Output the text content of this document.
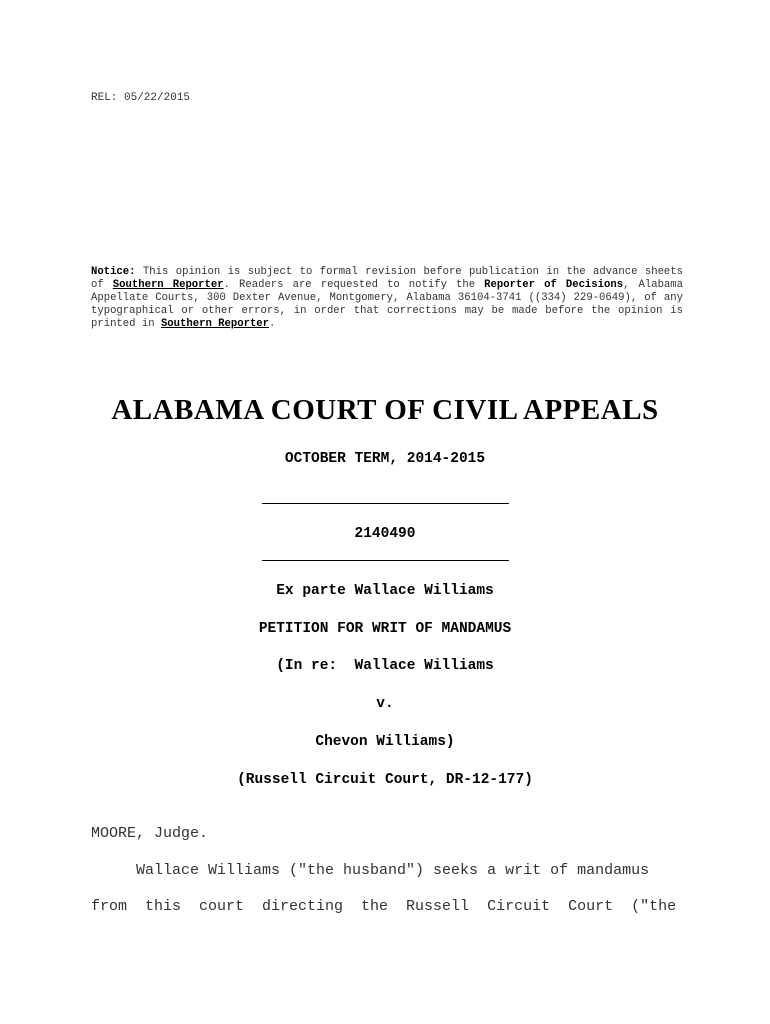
REL: 05/22/2015
Notice: This opinion is subject to formal revision before publication in the advance sheets of Southern Reporter. Readers are requested to notify the Reporter of Decisions, Alabama Appellate Courts, 300 Dexter Avenue, Montgomery, Alabama 36104-3741 ((334) 229-0649), of any typographical or other errors, in order that corrections may be made before the opinion is printed in Southern Reporter.
ALABAMA COURT OF CIVIL APPEALS
OCTOBER TERM, 2014-2015
2140490
Ex parte Wallace Williams
PETITION FOR WRIT OF MANDAMUS
(In re:  Wallace Williams
v.
Chevon Williams)
(Russell Circuit Court, DR-12-177)
MOORE, Judge.
Wallace Williams ("the husband") seeks a writ of mandamus
from  this  court  directing  the  Russell  Circuit  Court  ("the
